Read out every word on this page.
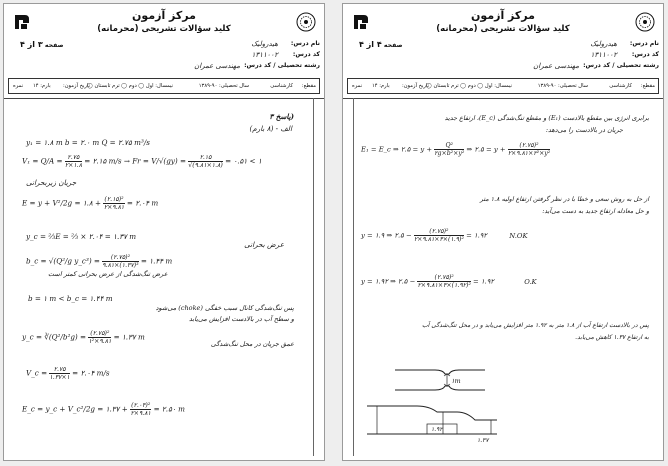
مرکز آزمون
کلید سؤالات تشریحی (محرمانه)
نام درس:
هیدرولیک
صفحه ۳ از ۴
کد درس:
۱۳۱۱۰۰۲
رشته تحصیلی / کد درس:
مهندسی عمران
مقطع:
کارشناسی
سال تحصیلی: ۹۰-۱۳۸۹
نیمسال: اول ◯ دوم ◯ ترم تابستان ◯
تاریخ آزمون:
بارم: ۱۴
نمره
پاسخ ۳)
الف - (۸ بارم)
y₁ = ۱.۸ m b = ۲.۰ m Q = ۲.۷۵ m³/s
$V_1 = Q/A = \frac{۲.۷۵}{۲\times ۱.۸}$ = ۲.۱۵ $m/s \to Fr = V/√(gy) = \frac{۲.۱۵}{√(۹.۸۱\times ۱.۸)}$ = ۰.۵۱ < ۱
جریان زیربحرانی
E = y + V²/2g = ۱.۸ + $\frac{\text{(۲.۱۵)²}}{۲\times ۹.۸۱}$ = ۲.۰۴ m
y_c = ⅔E = ⅔ × ۲.۰۴ = ۱.۳۷ m
عرض بحرانی
b_c = √(Q²/g y_c³) = $\frac{\text{(۲.۷۵)²}}{\text{۹.۸۱×(۱.۳۷)³}}$ = ۱.۴۴ m
عرض تنگ‌شدگی از عرض بحرانی کمتر است
b = ۱ m < b_c = ۱.۴۴ m
پس تنگ‌شدگی کانال سبب خفگی (choke) می‌شود
و سطح آب در بالادست افزایش می‌یابد
y_c = ∛(Q²/b²g) = $\frac{\text{(۲.۷۵)²}}{\text{۱²×۹.۸۱}}$ = ۱.۳۷ m
عمق جریان در محل تنگ‌شدگی
V_c = $\frac{۲.۷۵}{۱.۳۷\times ۱}$ = ۲.۰۴ m/s
E_c = y_c + V_c²/2g = ۱.۳۷ + $\frac{\text{(۲.۰۴)²}}{۲\times ۹.۸۱}$ = ۲.۵۰ m
مرکز آزمون
کلید سؤالات تشریحی (محرمانه)
نام درس:
هیدرولیک
صفحه ۴ از ۴
کد درس:
۱۳۱۱۰۰۲
رشته تحصیلی / کد درس:
مهندسی عمران
مقطع:
کارشناسی
سال تحصیلی: ۹۰-۱۳۸۹
نیمسال: اول ◯ دوم ◯ ترم تابستان ◯
تاریخ آزمون:
بارم: ۱۴
نمره
برابری انرژی بین مقطع بالادست (E₁) و مقطع تنگ‌شدگی (E_c)، ارتفاع جدید
جریان در بالادست را می‌دهد:
E₁ = E_c ⇒ ۲.۵ = $y + \frac{\text{Q²}}{\text{۲g×b²×y²}}$ ⇒ ۲.۵ = $y + \frac{\text{(۲.۷۵)²}}{\text{۲×۹.۸۱×۲²×y²}}$
از حل به روش سعی و خطا با در نظر گرفتن ارتفاع اولیه ۱.۸ متر
و حل معادله ارتفاع جدید به دست می‌آید:
y = ۱.۹ ⇒ ۲.۵ − $\frac{\text{(۲.۷۵)²}}{\text{۲×۹.۸۱×۴×(۱.۹)²}}$ = ۱.۹۲	N.OK
y = ۱.۹۲ ⇒ ۲.۵ − $\frac{\text{(۲.۷۵)²}}{\text{۲×۹.۸۱×۴×(۱.۹۲)²}}$ = ۱.۹۲	O.K
پس در بالادست ارتفاع آب از ۱.۸ متر به ۱.۹۲ متر افزایش می‌یابد و در محل تنگ‌شدگی آب
به ارتفاع ۱.۳۷ کاهش می‌یابد.
۱m
۱.۹۲
۱.۳۷
